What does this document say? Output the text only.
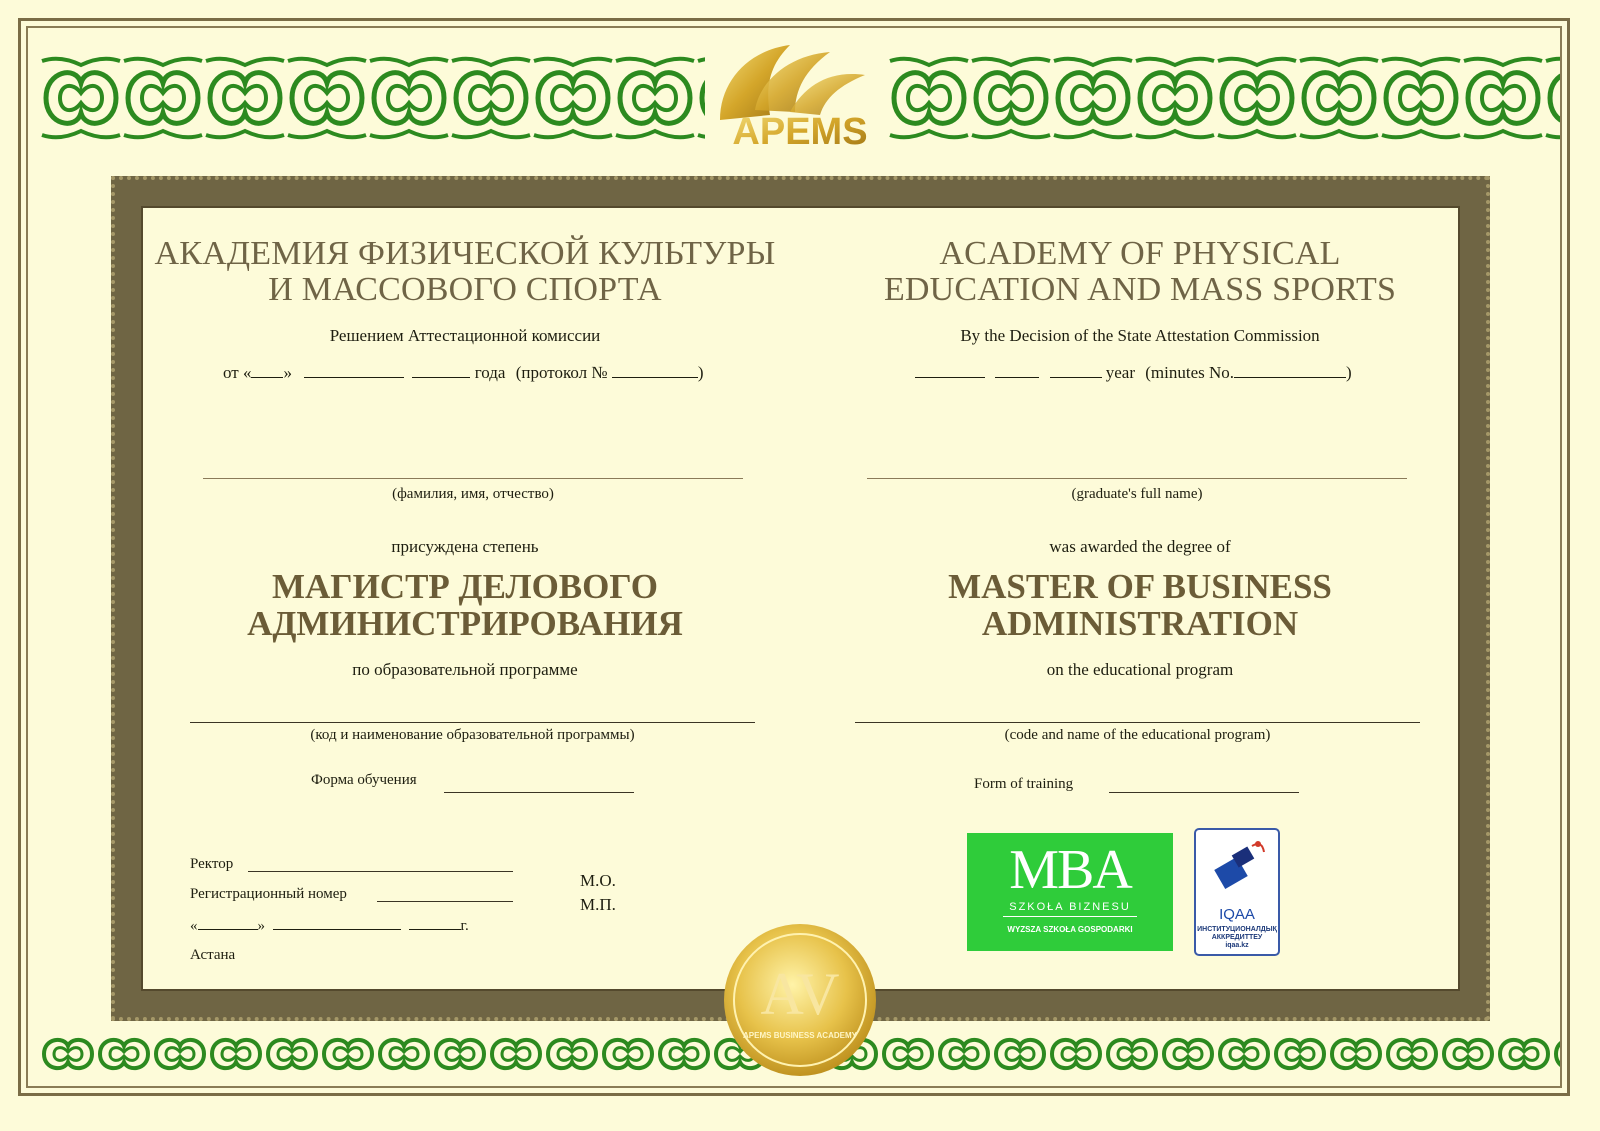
APEMS
АКАДЕМИЯ ФИЗИЧЕСКОЙ КУЛЬТУРЫ
И МАССОВОГО СПОРТА
Решением Аттестационной комиссии
от « »	года (протокол №	)
(фамилия, имя, отчество)
присуждена степень
МАГИСТР ДЕЛОВОГО
АДМИНИСТРИРОВАНИЯ
по образовательной программе
(код и наименование образовательной программы)
Форма обучения
Ректор
Регистрационный номер
«	»	г.
Астана
М.О.
М.П.
ACADEMY OF PHYSICAL
EDUCATION AND MASS SPORTS
By the Decision of the State Attestation Commission
year (minutes No.	)
(graduate's full name)
was awarded the degree of
MASTER OF BUSINESS
ADMINISTRATION
on the educational program
(code and name of the educational program)
Form of training
MBA
SZKOŁA BIZNESU
WYZSZA SZKOŁA GOSPODARKI
IQAA
ИНСТИТУЦИОНАЛДЫҚ
АККРЕДИТТЕУ
iqaa.kz
AV
APEMS BUSINESS ACADEMY
